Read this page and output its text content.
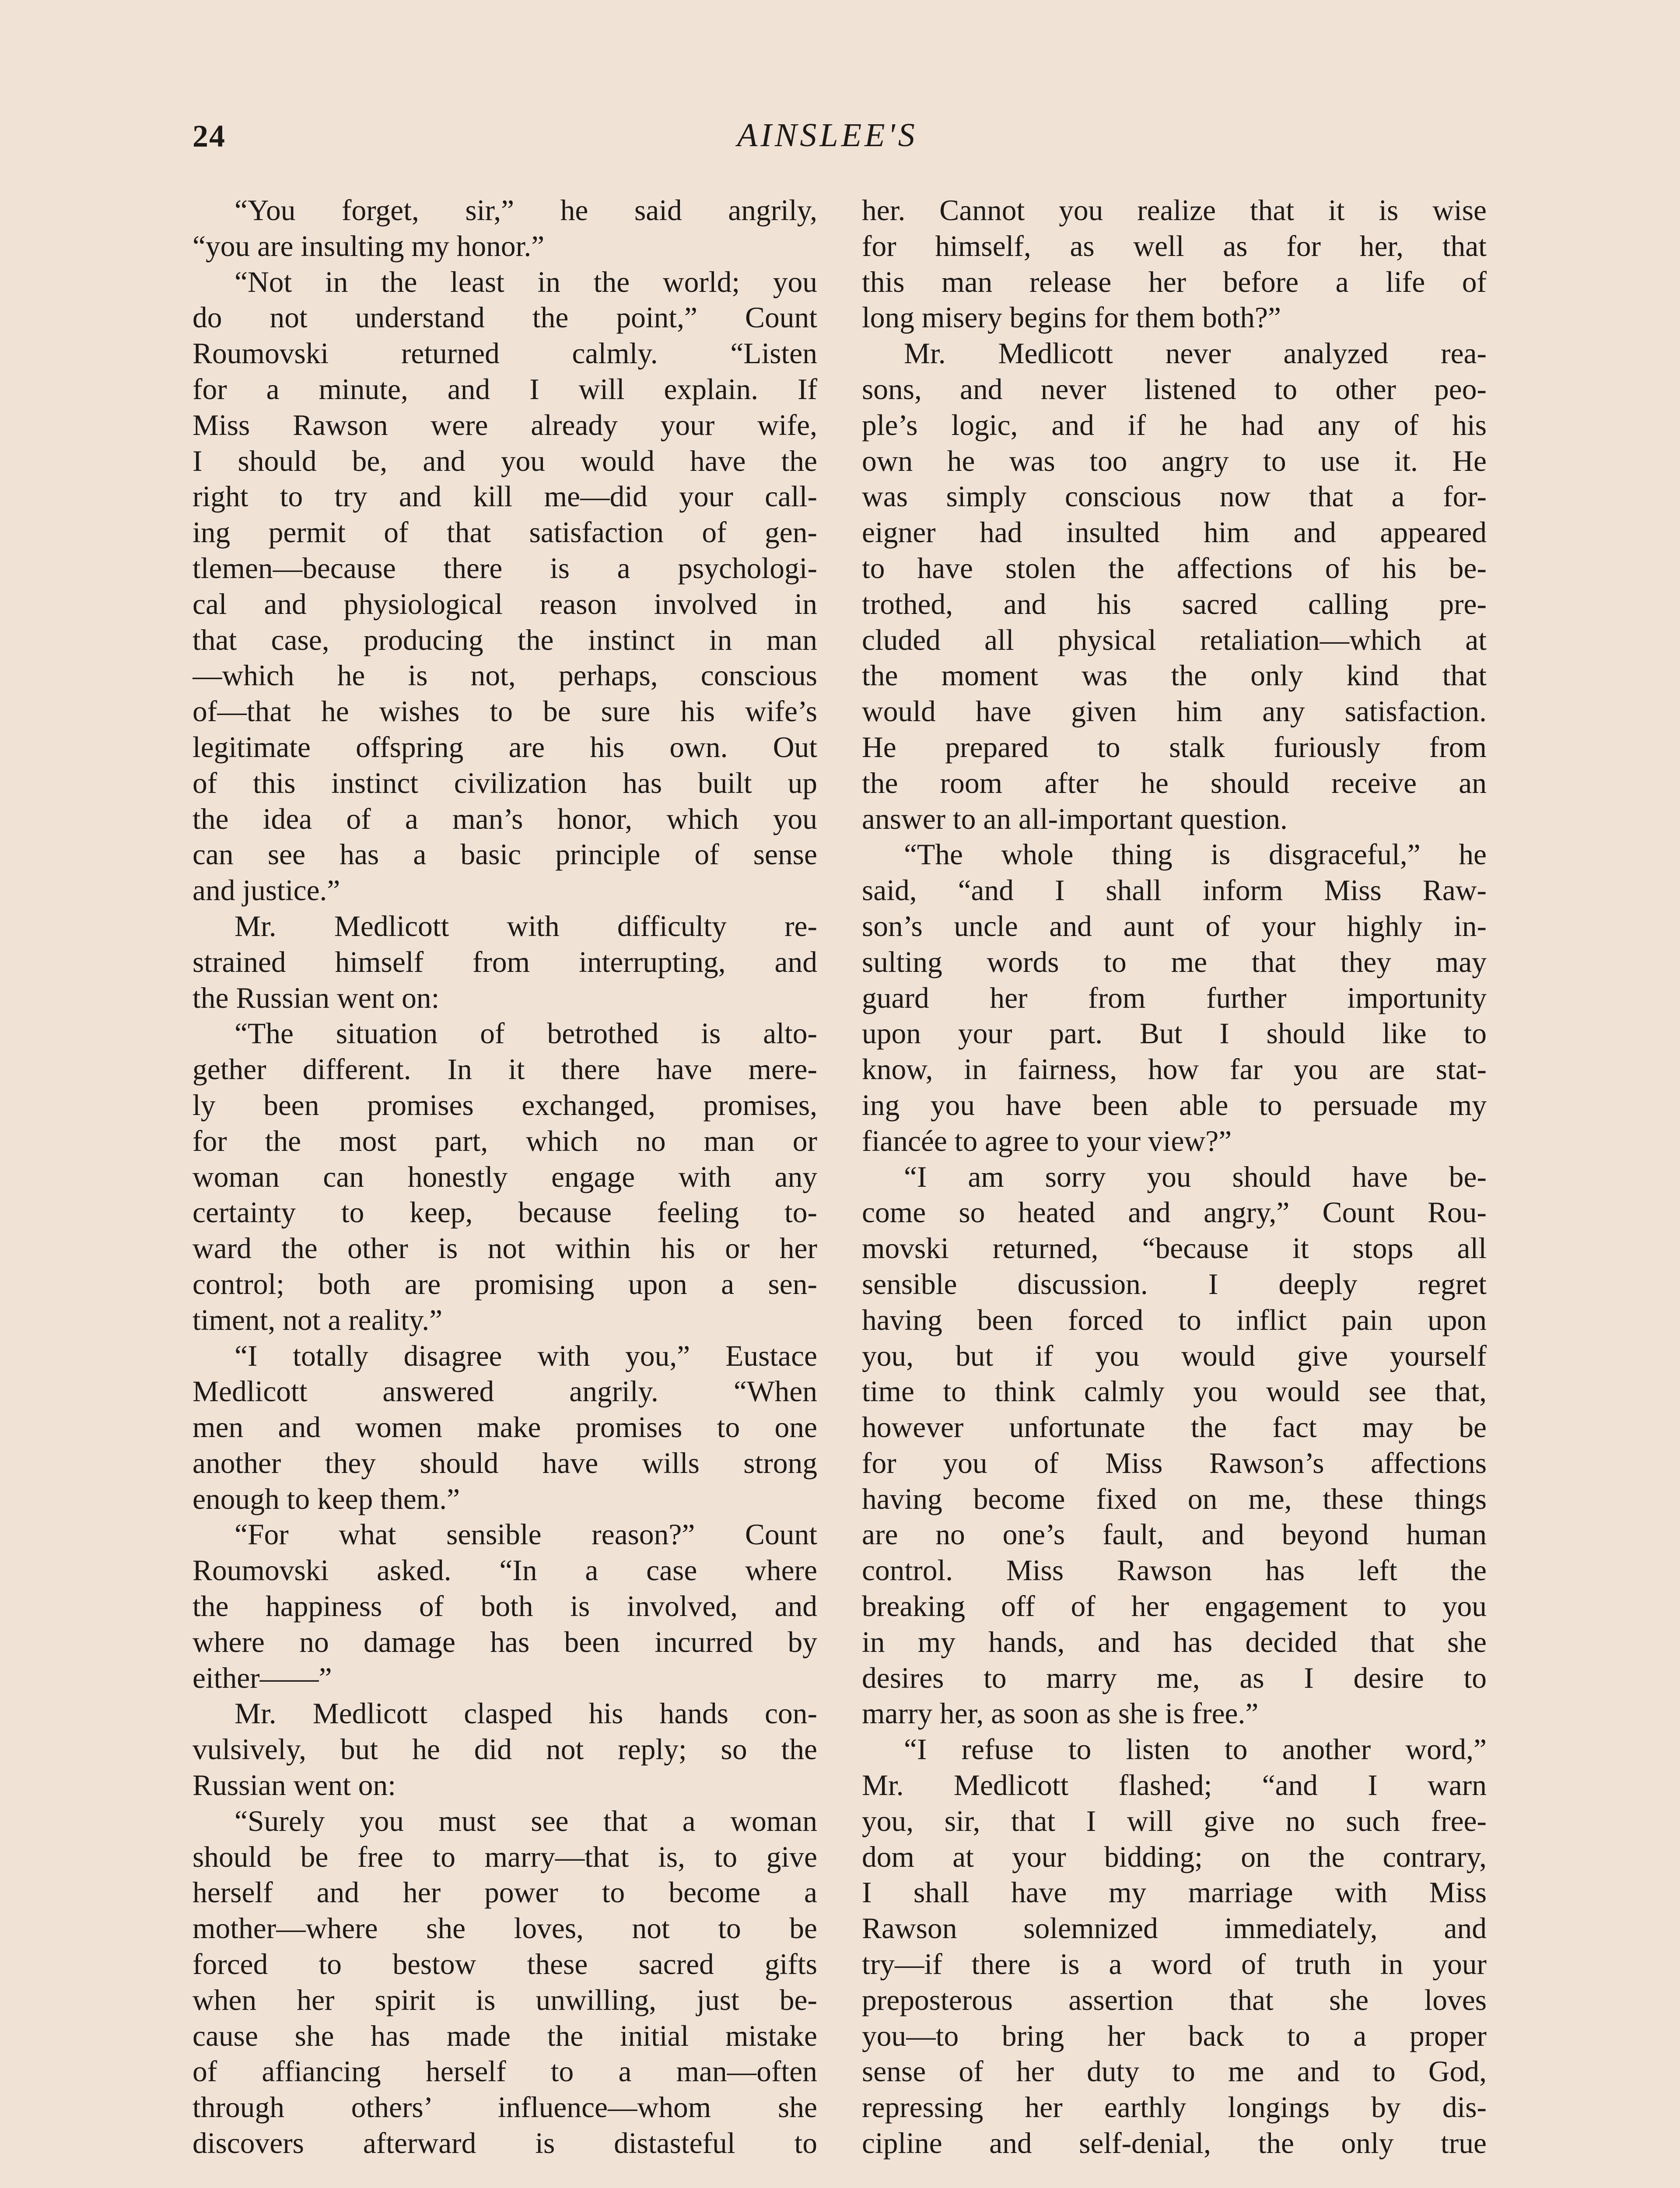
24	AINSLEE'S
“You forget, sir,” he said angrily,
“you are insulting my honor.”
“Not in the least in the world; you
do not understand the point,” Count
Roumovski returned calmly. “Listen
for a minute, and I will explain. If
Miss Rawson were already your wife,
I should be, and you would have the
right to try and kill me—did your call-
ing permit of that satisfaction of gen-
tlemen—because there is a psychologi-
cal and physiological reason involved in
that case, producing the instinct in man
—which he is not, perhaps, conscious
of—that he wishes to be sure his wife’s
legitimate offspring are his own. Out
of this instinct civilization has built up
the idea of a man’s honor, which you
can see has a basic principle of sense
and justice.”
Mr. Medlicott with difficulty re-
strained himself from interrupting, and
the Russian went on:
“The situation of betrothed is alto-
gether different. In it there have mere-
ly been promises exchanged, promises,
for the most part, which no man or
woman can honestly engage with any
certainty to keep, because feeling to-
ward the other is not within his or her
control; both are promising upon a sen-
timent, not a reality.”
“I totally disagree with you,” Eustace
Medlicott answered angrily. “When
men and women make promises to one
another they should have wills strong
enough to keep them.”
“For what sensible reason?” Count
Roumovski asked. “In a case where
the happiness of both is involved, and
where no damage has been incurred by
either——”
Mr. Medlicott clasped his hands con-
vulsively, but he did not reply; so the
Russian went on:
“Surely you must see that a woman
should be free to marry—that is, to give
herself and her power to become a
mother—where she loves, not to be
forced to bestow these sacred gifts
when her spirit is unwilling, just be-
cause she has made the initial mistake
of affiancing herself to a man—often
through others’ influence—whom she
discovers afterward is distasteful to
her. Cannot you realize that it is wise
for himself, as well as for her, that
this man release her before a life of
long misery begins for them both?”
Mr. Medlicott never analyzed rea-
sons, and never listened to other peo-
ple’s logic, and if he had any of his
own he was too angry to use it. He
was simply conscious now that a for-
eigner had insulted him and appeared
to have stolen the affections of his be-
trothed, and his sacred calling pre-
cluded all physical retaliation—which at
the moment was the only kind that
would have given him any satisfaction.
He prepared to stalk furiously from
the room after he should receive an
answer to an all-important question.
“The whole thing is disgraceful,” he
said, “and I shall inform Miss Raw-
son’s uncle and aunt of your highly in-
sulting words to me that they may
guard her from further importunity
upon your part. But I should like to
know, in fairness, how far you are stat-
ing you have been able to persuade my
fiancée to agree to your view?”
“I am sorry you should have be-
come so heated and angry,” Count Rou-
movski returned, “because it stops all
sensible discussion. I deeply regret
having been forced to inflict pain upon
you, but if you would give yourself
time to think calmly you would see that,
however unfortunate the fact may be
for you of Miss Rawson’s affections
having become fixed on me, these things
are no one’s fault, and beyond human
control. Miss Rawson has left the
breaking off of her engagement to you
in my hands, and has decided that she
desires to marry me, as I desire to
marry her, as soon as she is free.”
“I refuse to listen to another word,”
Mr. Medlicott flashed; “and I warn
you, sir, that I will give no such free-
dom at your bidding; on the contrary,
I shall have my marriage with Miss
Rawson solemnized immediately, and
try—if there is a word of truth in your
preposterous assertion that she loves
you—to bring her back to a proper
sense of her duty to me and to God,
repressing her earthly longings by dis-
cipline and self-denial, the only true
